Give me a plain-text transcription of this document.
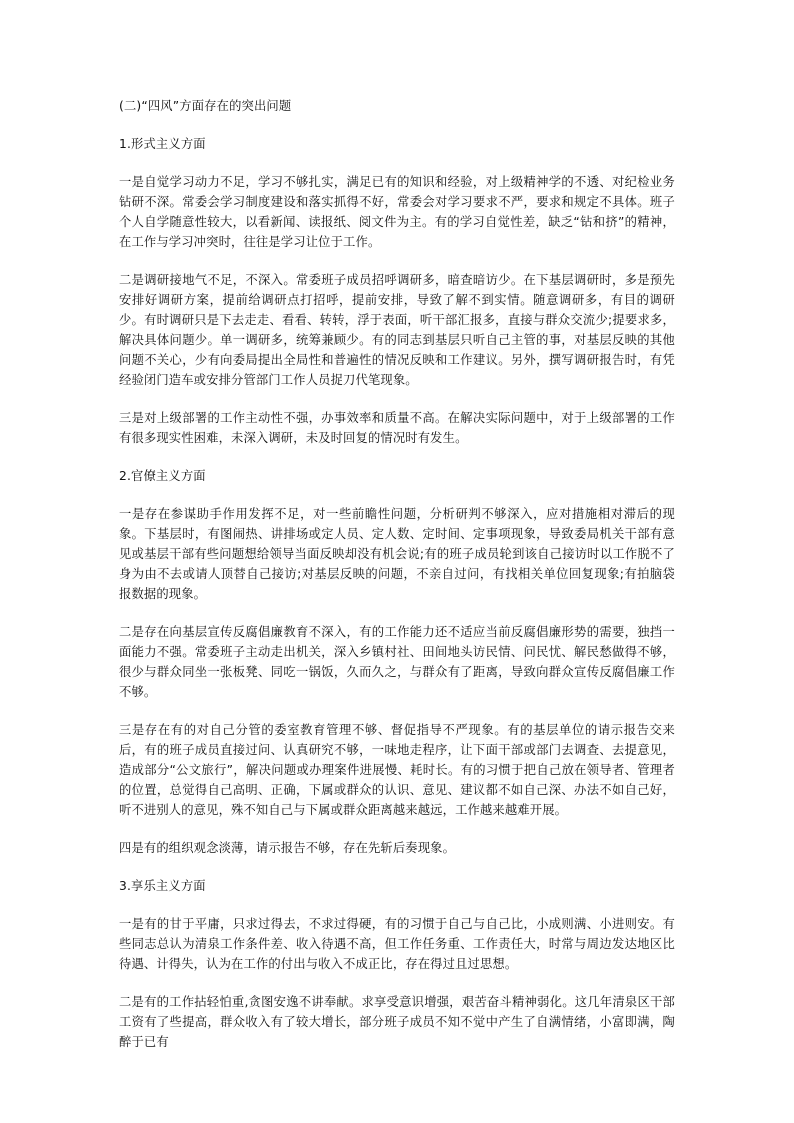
(二)“四风”方面存在的突出问题

1.形式主义方面

一是自觉学习动力不足，学习不够扎实，满足已有的知识和经验，对上级精神学的不透、对纪检业务钻研不深。常委会学习制度建设和落实抓得不好，常委会对学习要求不严，要求和规定不具体。班子个人自学随意性较大，以看新闻、读报纸、阅文件为主。有的学习自觉性差，缺乏“钻和挤”的精神，在工作与学习冲突时，往往是学习让位于工作。

二是调研接地气不足，不深入。常委班子成员招呼调研多，暗查暗访少。在下基层调研时，多是预先安排好调研方案，提前给调研点打招呼，提前安排，导致了解不到实情。随意调研多，有目的调研少。有时调研只是下去走走、看看、转转，浮于表面，听干部汇报多，直接与群众交流少;提要求多，解决具体问题少。单一调研多，统筹兼顾少。有的同志到基层只听自己主管的事，对基层反映的其他问题不关心，少有向委局提出全局性和普遍性的情况反映和工作建议。另外，撰写调研报告时，有凭经验闭门造车或安排分管部门工作人员捉刀代笔现象。

三是对上级部署的工作主动性不强，办事效率和质量不高。在解决实际问题中，对于上级部署的工作有很多现实性困难，未深入调研，未及时回复的情况时有发生。

2.官僚主义方面

一是存在参谋助手作用发挥不足，对一些前瞻性问题，分析研判不够深入，应对措施相对滞后的现象。下基层时，有图闹热、讲排场或定人员、定人数、定时间、定事项现象，导致委局机关干部有意见或基层干部有些问题想给领导当面反映却没有机会说;有的班子成员轮到该自己接访时以工作脱不了身为由不去或请人顶替自己接访;对基层反映的问题，不亲自过问，有找相关单位回复现象;有拍脑袋报数据的现象。

二是存在向基层宣传反腐倡廉教育不深入，有的工作能力还不适应当前反腐倡廉形势的需要，独挡一面能力不强。常委班子主动走出机关，深入乡镇村社、田间地头访民情、问民忧、解民愁做得不够，很少与群众同坐一张板凳、同吃一锅饭，久而久之，与群众有了距离，导致向群众宣传反腐倡廉工作不够。

三是存在有的对自己分管的委室教育管理不够、督促指导不严现象。有的基层单位的请示报告交来后，有的班子成员直接过问、认真研究不够，一味地走程序，让下面干部或部门去调查、去提意见，造成部分“公文旅行”，解决问题或办理案件进展慢、耗时长。有的习惯于把自己放在领导者、管理者的位置，总觉得自己高明、正确，下属或群众的认识、意见、建议都不如自己深、办法不如自己好，听不进别人的意见，殊不知自己与下属或群众距离越来越远，工作越来越难开展。

四是有的组织观念淡薄，请示报告不够，存在先斩后奏现象。

3.享乐主义方面

一是有的甘于平庸，只求过得去，不求过得硬，有的习惯于自己与自己比，小成则满、小进则安。有些同志总认为清泉工作条件差、收入待遇不高，但工作任务重、工作责任大，时常与周边发达地区比待遇、计得失，认为在工作的付出与收入不成正比，存在得过且过思想。

二是有的工作拈轻怕重,贪图安逸不讲奉献。求享受意识增强，艰苦奋斗精神弱化。这几年清泉区干部工资有了些提高，群众收入有了较大增长，部分班子成员不知不觉中产生了自满情绪，小富即满，陶醉于已有
